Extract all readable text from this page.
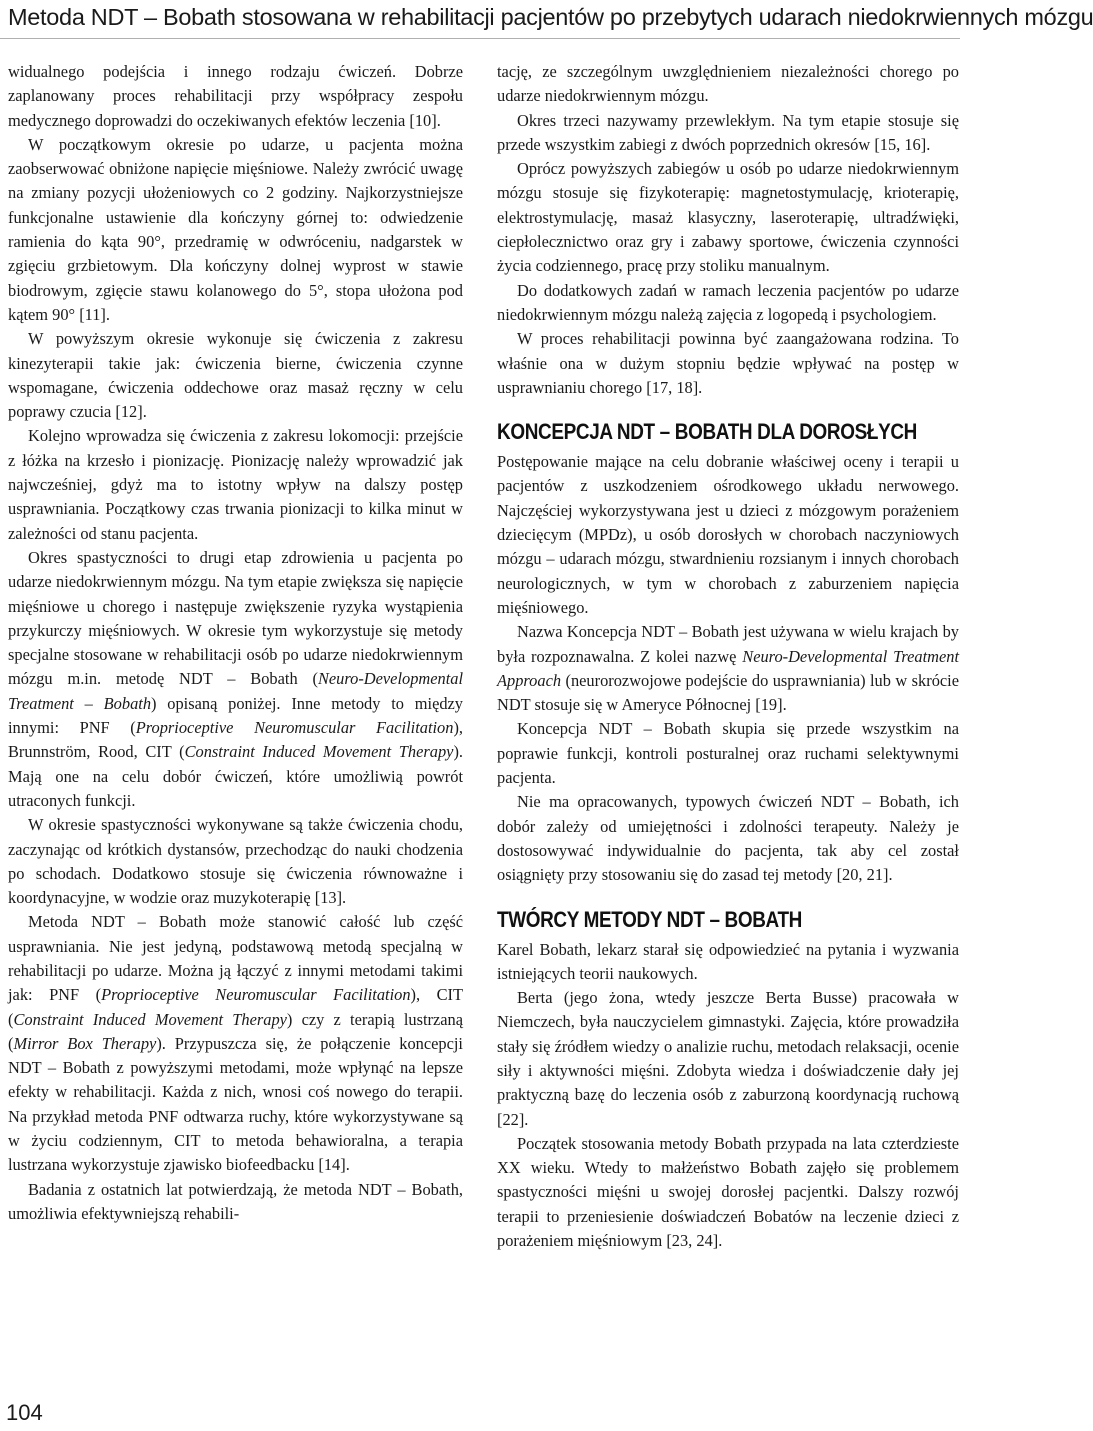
Metoda NDT – Bobath stosowana w rehabilitacji pacjentów po przebytych udarach niedokrwiennych mózgu

widualnego podejścia i innego rodzaju ćwiczeń. Dobrze zaplanowany proces rehabilitacji przy współpracy zespołu medycznego doprowadzi do oczekiwanych efektów leczenia [10].

W początkowym okresie po udarze, u pacjenta można zaobserwować obniżone napięcie mięśniowe. Należy zwrócić uwagę na zmiany pozycji ułożeniowych co 2 godziny. Najkorzystniejsze funkcjonalne ustawienie dla kończyny górnej to: odwiedzenie ramienia do kąta 90°, przedramię w odwróceniu, nadgarstek w zgięciu grzbietowym. Dla kończyny dolnej wyprost w stawie biodrowym, zgięcie stawu kolanowego do 5°, stopa ułożona pod kątem 90° [11].

W powyższym okresie wykonuje się ćwiczenia z zakresu kinezyterapii takie jak: ćwiczenia bierne, ćwiczenia czynne wspomagane, ćwiczenia oddechowe oraz masaż ręczny w celu poprawy czucia [12].

Kolejno wprowadza się ćwiczenia z zakresu lokomocji: przejście z łóżka na krzesło i pionizację. Pionizację należy wprowadzić jak najwcześniej, gdyż ma to istotny wpływ na dalszy postęp usprawniania. Początkowy czas trwania pionizacji to kilka minut w zależności od stanu pacjenta.

Okres spastyczności to drugi etap zdrowienia u pacjenta po udarze niedokrwiennym mózgu. Na tym etapie zwiększa się napięcie mięśniowe u chorego i następuje zwiększenie ryzyka wystąpienia przykurczy mięśniowych. W okresie tym wykorzystuje się metody specjalne stosowane w rehabilitacji osób po udarze niedokrwiennym mózgu m.in. metodę NDT – Bobath (Neuro-Developmental Treatment – Bobath) opisaną poniżej. Inne metody to między innymi: PNF (Proprioceptive Neuromuscular Facilitation), Brunnström, Rood, CIT (Constraint Induced Movement Therapy). Mają one na celu dobór ćwiczeń, które umożliwią powrót utraconych funkcji.

W okresie spastyczności wykonywane są także ćwiczenia chodu, zaczynając od krótkich dystansów, przechodząc do nauki chodzenia po schodach. Dodatkowo stosuje się ćwiczenia równoważne i koordynacyjne, w wodzie oraz muzykoterapię [13].

Metoda NDT – Bobath może stanowić całość lub część usprawniania. Nie jest jedyną, podstawową metodą specjalną w rehabilitacji po udarze. Można ją łączyć z innymi metodami takimi jak: PNF (Proprioceptive Neuromuscular Facilitation), CIT (Constraint Induced Movement Therapy) czy z terapią lustrzaną (Mirror Box Therapy). Przypuszcza się, że połączenie koncepcji NDT – Bobath z powyższymi metodami, może wpłynąć na lepsze efekty w rehabilitacji. Każda z nich, wnosi coś nowego do terapii. Na przykład metoda PNF odtwarza ruchy, które wykorzystywane są w życiu codziennym, CIT to metoda behawioralna, a terapia lustrzana wykorzystuje zjawisko biofeedbacku [14].

Badania z ostatnich lat potwierdzają, że metoda NDT – Bobath, umożliwia efektywniejszą rehabili-

tację, ze szczególnym uwzględnieniem niezależności chorego po udarze niedokrwiennym mózgu.

Okres trzeci nazywamy przewlekłym. Na tym etapie stosuje się przede wszystkim zabiegi z dwóch poprzednich okresów [15, 16].

Oprócz powyższych zabiegów u osób po udarze niedokrwiennym mózgu stosuje się fizykoterapię: magnetostymulację, krioterapię, elektrostymulację, masaż klasyczny, laseroterapię, ultradźwięki, ciepłolecznictwo oraz gry i zabawy sportowe, ćwiczenia czynności życia codziennego, pracę przy stoliku manualnym.

Do dodatkowych zadań w ramach leczenia pacjentów po udarze niedokrwiennym mózgu należą zajęcia z logopedą i psychologiem.

W proces rehabilitacji powinna być zaangażowana rodzina. To właśnie ona w dużym stopniu będzie wpływać na postęp w usprawnianiu chorego [17, 18].

KONCEPCJA NDT – BOBATH DLA DOROSŁYCH

Postępowanie mające na celu dobranie właściwej oceny i terapii u pacjentów z uszkodzeniem ośrodkowego układu nerwowego. Najczęściej wykorzystywana jest u dzieci z mózgowym porażeniem dziecięcym (MPDz), u osób dorosłych w chorobach naczyniowych mózgu – udarach mózgu, stwardnieniu rozsianym i innych chorobach neurologicznych, w tym w chorobach z zaburzeniem napięcia mięśniowego.

Nazwa Koncepcja NDT – Bobath jest używana w wielu krajach by była rozpoznawalna. Z kolei nazwę Neuro-Developmental Treatment Approach (neurorozwojowe podejście do usprawniania) lub w skrócie NDT stosuje się w Ameryce Północnej [19].

Koncepcja NDT – Bobath skupia się przede wszystkim na poprawie funkcji, kontroli posturalnej oraz ruchami selektywnymi pacjenta.

Nie ma opracowanych, typowych ćwiczeń NDT – Bobath, ich dobór zależy od umiejętności i zdolności terapeuty. Należy je dostosowywać indywidualnie do pacjenta, tak aby cel został osiągnięty przy stosowaniu się do zasad tej metody [20, 21].

TWÓRCY METODY NDT – BOBATH

Karel Bobath, lekarz starał się odpowiedzieć na pytania i wyzwania istniejących teorii naukowych.

Berta (jego żona, wtedy jeszcze Berta Busse) pracowała w Niemczech, była nauczycielem gimnastyki. Zajęcia, które prowadziła stały się źródłem wiedzy o analizie ruchu, metodach relaksacji, ocenie siły i aktywności mięśni. Zdobyta wiedza i doświadczenie dały jej praktyczną bazę do leczenia osób z zaburzoną koordynacją ruchową [22].

Początek stosowania metody Bobath przypada na lata czterdzieste XX wieku. Wtedy to małżeństwo Bobath zajęło się problemem spastyczności mięśni u swojej dorosłej pacjentki. Dalszy rozwój terapii to przeniesienie doświadczeń Bobatów na leczenie dzieci z porażeniem mięśniowym [23, 24].

104
